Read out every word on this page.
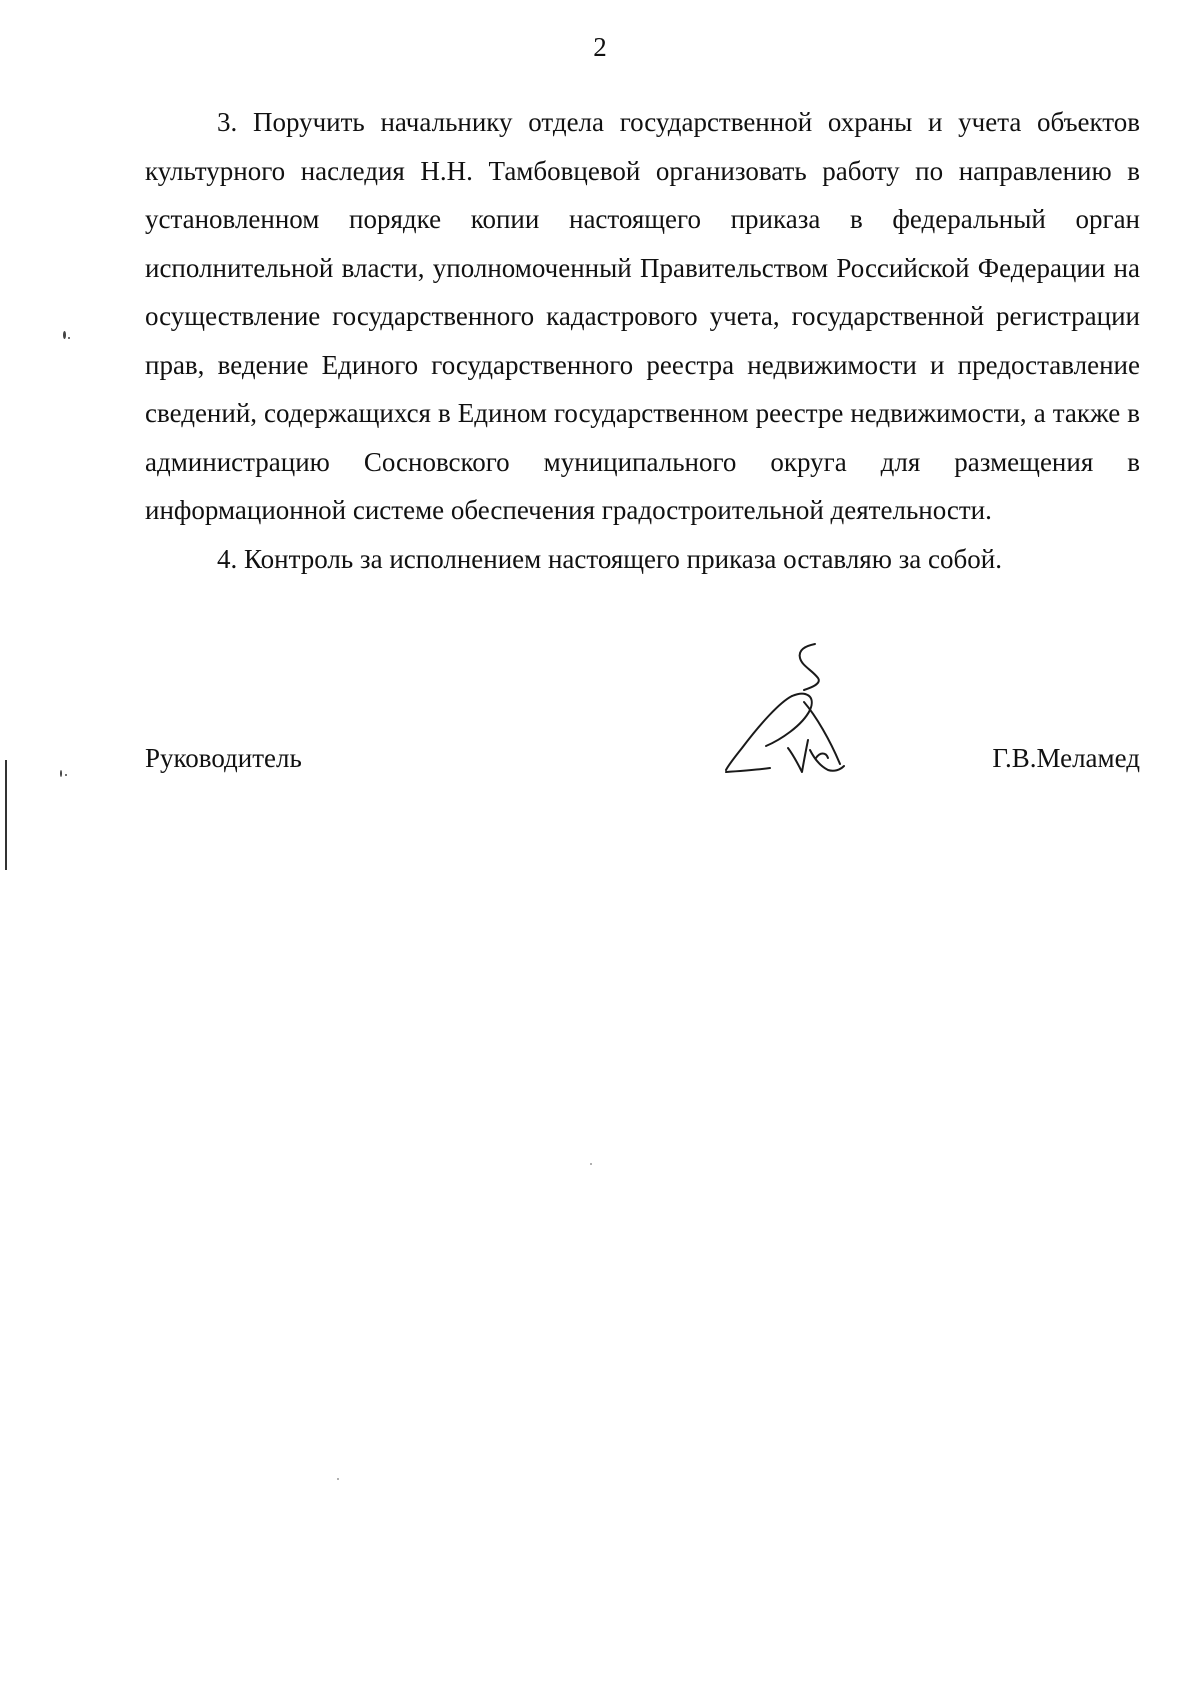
2

3. Поручить начальнику отдела государственной охраны и учета объектов культурного наследия Н.Н. Тамбовцевой организовать работу по направлению в установленном порядке копии настоящего приказа в федеральный орган исполнительной власти, уполномоченный Правительством Российской Федерации на осуществление государственного кадастрового учета, государственной регистрации прав, ведение Единого государственного реестра недвижимости и предоставление сведений, содержащихся в Едином государственном реестре недвижимости, а также в администрацию Сосновского муниципального округа для размещения в информационной системе обеспечения градостроительной деятельности.

4. Контроль за исполнением настоящего приказа оставляю за собой.

Руководитель	Г.В.Меламед
